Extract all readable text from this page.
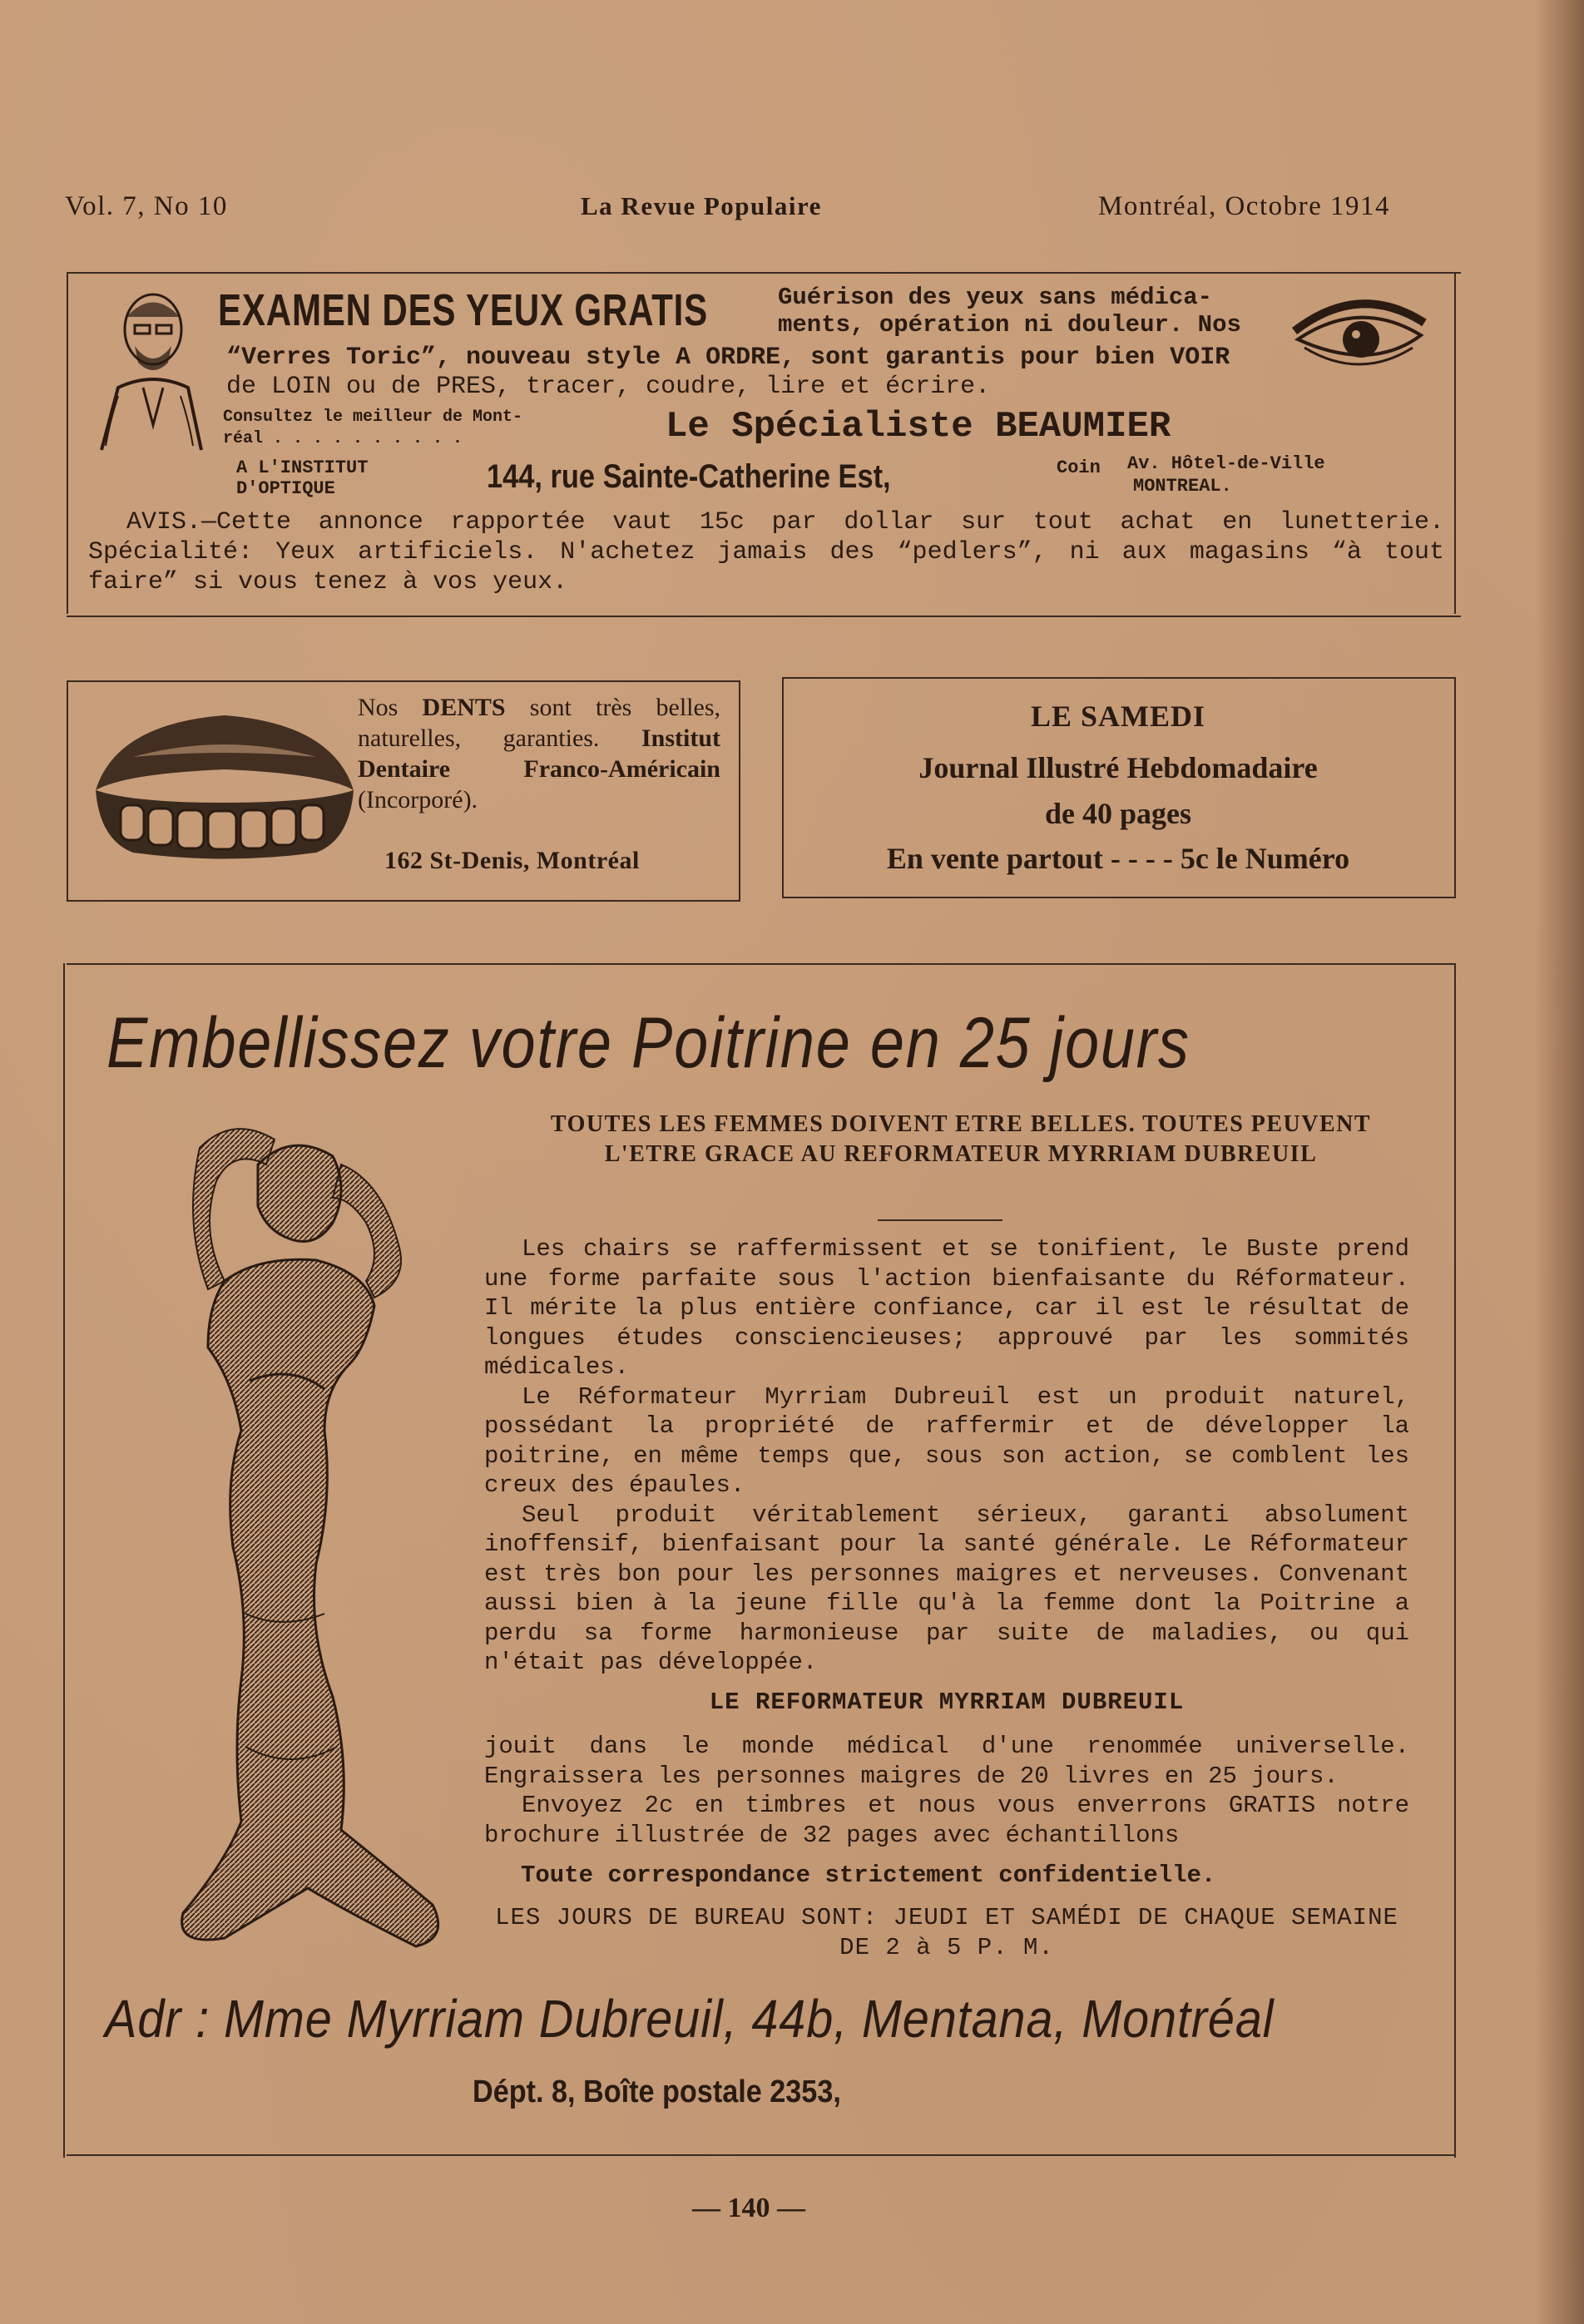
Vol. 7, No 10	La Revue Populaire	Montréal, Octobre 1914
EXAMEN DES YEUX GRATIS	Guérison des yeux sans médica-
ments, opération ni douleur. Nos
“Verres Toric”, nouveau style A ORDRE, sont garantis pour bien VOIR
de LOIN ou de PRES, tracer, coudre, lire et écrire.
Consultez le meilleur de Mont-
réal . . . . . . . . . .	Le Spécialiste BEAUMIER
A L'INSTITUT
D'OPTIQUE	144, rue Sainte-Catherine Est,	Coin Av. Hôtel-de-Ville
MONTREAL.
AVIS.—Cette annonce rapportée vaut 15c par dollar sur tout achat en lunetterie. Spécialité: Yeux artificiels. N'achetez jamais des “pedlers”, ni aux magasins “à tout faire” si vous tenez à vos yeux.
Nos DENTS sont très belles, naturelles, garanties. Institut Dentaire Franco-Américain (Incorporé).
162 St-Denis, Montréal
LE SAMEDI
Journal Illustré Hebdomadaire
de 40 pages
En vente partout - - - - 5c le Numéro
Embellissez votre Poitrine en 25 jours
TOUTES LES FEMMES DOIVENT ETRE BELLES. TOUTES PEUVENT L'ETRE GRACE AU REFORMATEUR MYRRIAM DUBREUIL

Les chairs se raffermissent et se tonifient, le Buste prend une forme parfaite sous l'action bienfaisante du Réformateur. Il mérite la plus entière confiance, car il est le résultat de longues études consciencieuses; approuvé par les sommités médicales.

Le Réformateur Myrriam Dubreuil est un produit naturel, possédant la propriété de raffermir et de développer la poitrine, en même temps que, sous son action, se comblent les creux des épaules.

Seul produit véritablement sérieux, garanti absolument inoffensif, bienfaisant pour la santé générale. Le Réformateur est très bon pour les personnes maigres et nerveuses. Convenant aussi bien à la jeune fille qu'à la femme dont la Poitrine a perdu sa forme harmonieuse par suite de maladies, ou qui n'était pas développée.

LE REFORMATEUR MYRRIAM DUBREUIL

jouit dans le monde médical d'une renommée universelle. Engraissera les personnes maigres de 20 livres en 25 jours.

Envoyez 2c en timbres et nous vous enverrons GRATIS notre brochure illustrée de 32 pages avec échantillons

Toute correspondance strictement confidentielle.
LES JOURS DE BUREAU SONT: JEUDI ET SAMÉDI DE CHAQUE SEMAINE DE 2 à 5 P. M.
Adr : Mme Myrriam Dubreuil, 44b, Mentana, Montréal
Dépt. 8, Boîte postale 2353,
— 140 —
